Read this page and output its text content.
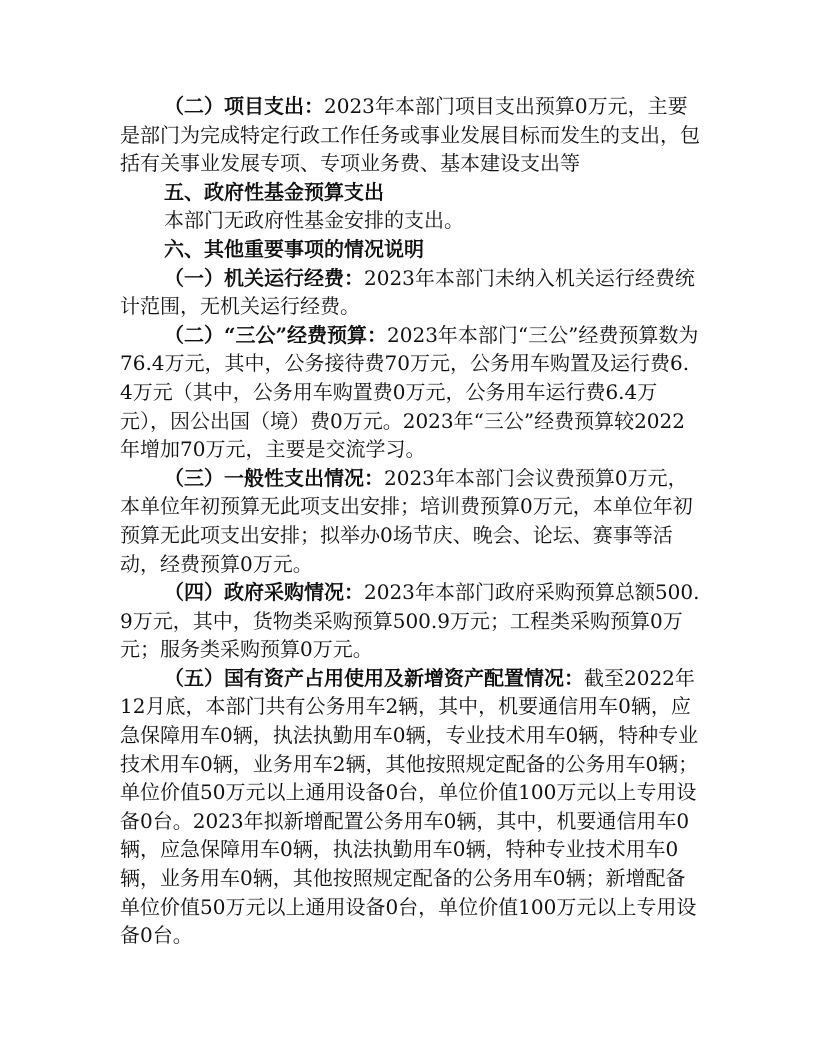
（二）项目支出：2023年本部门项目支出预算0万元，主要是部门为完成特定行政工作任务或事业发展目标而发生的支出，包括有关事业发展专项、专项业务费、基本建设支出等

五、政府性基金预算支出

本部门无政府性基金安排的支出。

六、其他重要事项的情况说明

（一）机关运行经费：2023年本部门未纳入机关运行经费统计范围，无机关运行经费。

（二）“三公”经费预算：2023年本部门“三公”经费预算数为76.4万元，其中，公务接待费70万元，公务用车购置及运行费6.4万元（其中，公务用车购置费0万元，公务用车运行费6.4万元），因公出国（境）费0万元。2023年“三公”经费预算较2022年增加70万元，主要是交流学习。

（三）一般性支出情况：2023年本部门会议费预算0万元，本单位年初预算无此项支出安排；培训费预算0万元，本单位年初预算无此项支出安排；拟举办0场节庆、晚会、论坛、赛事等活动，经费预算0万元。

（四）政府采购情况：2023年本部门政府采购预算总额500.9万元，其中，货物类采购预算500.9万元；工程类采购预算0万元；服务类采购预算0万元。

（五）国有资产占用使用及新增资产配置情况：截至2022年12月底，本部门共有公务用车2辆，其中，机要通信用车0辆，应急保障用车0辆，执法执勤用车0辆，专业技术用车0辆，特种专业技术用车0辆，业务用车2辆，其他按照规定配备的公务用车0辆；单位价值50万元以上通用设备0台，单位价值100万元以上专用设备0台。2023年拟新增配置公务用车0辆，其中，机要通信用车0辆，应急保障用车0辆，执法执勤用车0辆，特种专业技术用车0辆，业务用车0辆，其他按照规定配备的公务用车0辆；新增配备单位价值50万元以上通用设备0台，单位价值100万元以上专用设备0台。
